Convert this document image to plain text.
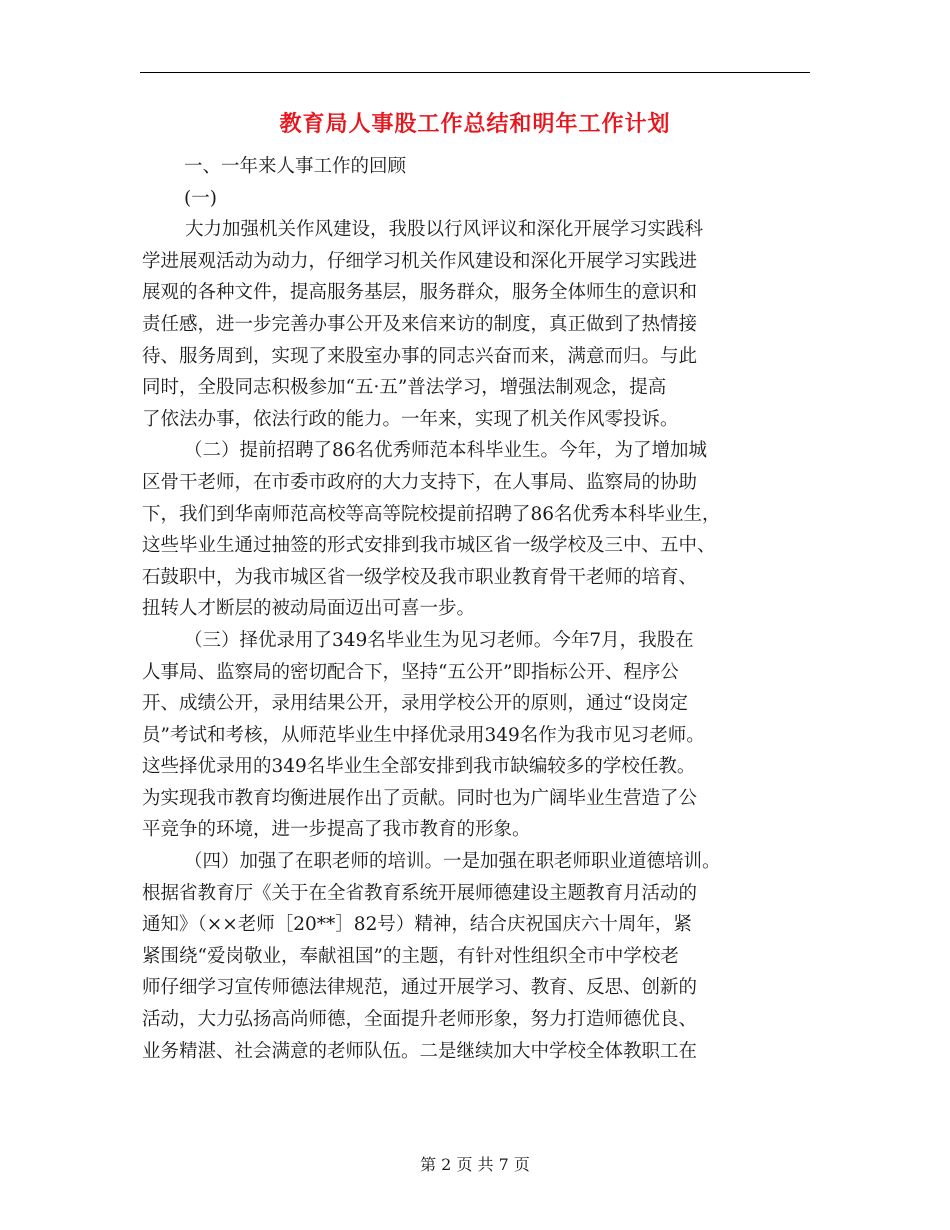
教育局人事股工作总结和明年工作计划
一、一年来人事工作的回顾
(一)
大力加强机关作风建设，我股以行风评议和深化开展学习实践科
学进展观活动为动力，仔细学习机关作风建设和深化开展学习实践进
展观的各种文件，提高服务基层，服务群众，服务全体师生的意识和
责任感，进一步完善办事公开及来信来访的制度，真正做到了热情接
待、服务周到，实现了来股室办事的同志兴奋而来，满意而归。与此
同时，全股同志积极参加“五·五”普法学习，增强法制观念，提高
了依法办事，依法行政的能力。一年来，实现了机关作风零投诉。
（二）提前招聘了86名优秀师范本科毕业生。今年，为了增加城
区骨干老师，在市委市政府的大力支持下，在人事局、监察局的协助
下，我们到华南师范高校等高等院校提前招聘了86名优秀本科毕业生，
这些毕业生通过抽签的形式安排到我市城区省一级学校及三中、五中、
石鼓职中，为我市城区省一级学校及我市职业教育骨干老师的培育、
扭转人才断层的被动局面迈出可喜一步。
（三）择优录用了349名毕业生为见习老师。今年7月，我股在
人事局、监察局的密切配合下，坚持“五公开”即指标公开、程序公
开、成绩公开，录用结果公开，录用学校公开的原则，通过“设岗定
员”考试和考核，从师范毕业生中择优录用349名作为我市见习老师。
这些择优录用的349名毕业生全部安排到我市缺编较多的学校任教。
为实现我市教育均衡进展作出了贡献。同时也为广阔毕业生营造了公
平竞争的环境，进一步提高了我市教育的形象。
（四）加强了在职老师的培训。一是加强在职老师职业道德培训。
根据省教育厅《关于在全省教育系统开展师德建设主题教育月活动的
通知》（××老师［20**］82号）精神，结合庆祝国庆六十周年，紧
紧围绕“爱岗敬业，奉献祖国”的主题，有针对性组织全市中学校老
师仔细学习宣传师德法律规范，通过开展学习、教育、反思、创新的
活动，大力弘扬高尚师德，全面提升老师形象，努力打造师德优良、
业务精湛、社会满意的老师队伍。二是继续加大中学校全体教职工在
第 2 页 共 7 页
